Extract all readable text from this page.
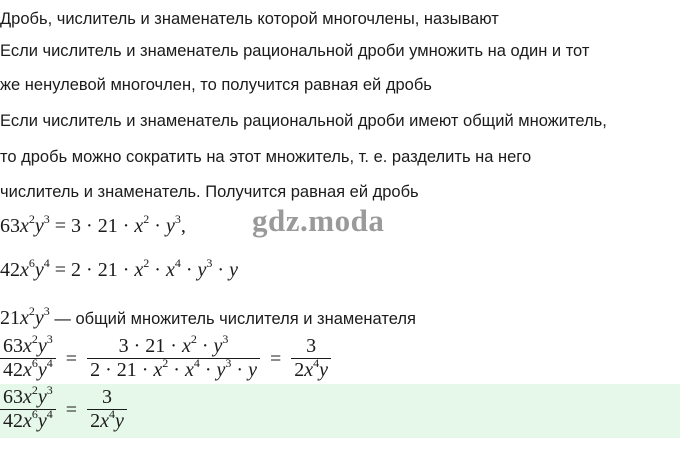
Дробь, числитель и знаменатель которой многочлены, называют
Если числитель и знаменатель рациональной дроби умножить на один и тот
же ненулевой многочлен, то получится равная ей дробь
Если числитель и знаменатель рациональной дроби имеют общий множитель,
то дробь можно сократить на этот множитель, т. е. разделить на него
числитель и знаменатель. Получится равная ей дробь
$63x^2y^3 = 3 \cdot 21 \cdot x^2 \cdot y^3$, gdz.moda
$42x^6y^4 = 2 \cdot 21 \cdot x^2 \cdot x^4 \cdot y^3 \cdot y$
$21x^2y^3$ — общий множитель числителя и знаменателя
$\frac{63x^2y^3}{42x^6y^4} = \frac{3 \cdot 21 \cdot x^2 \cdot y^3}{2 \cdot 21 \cdot x^2 \cdot x^4 \cdot y^3 \cdot y} = \frac{3}{2x^4y}$
$\frac{63x^2y^3}{42x^6y^4} = \frac{3}{2x^4y}$
